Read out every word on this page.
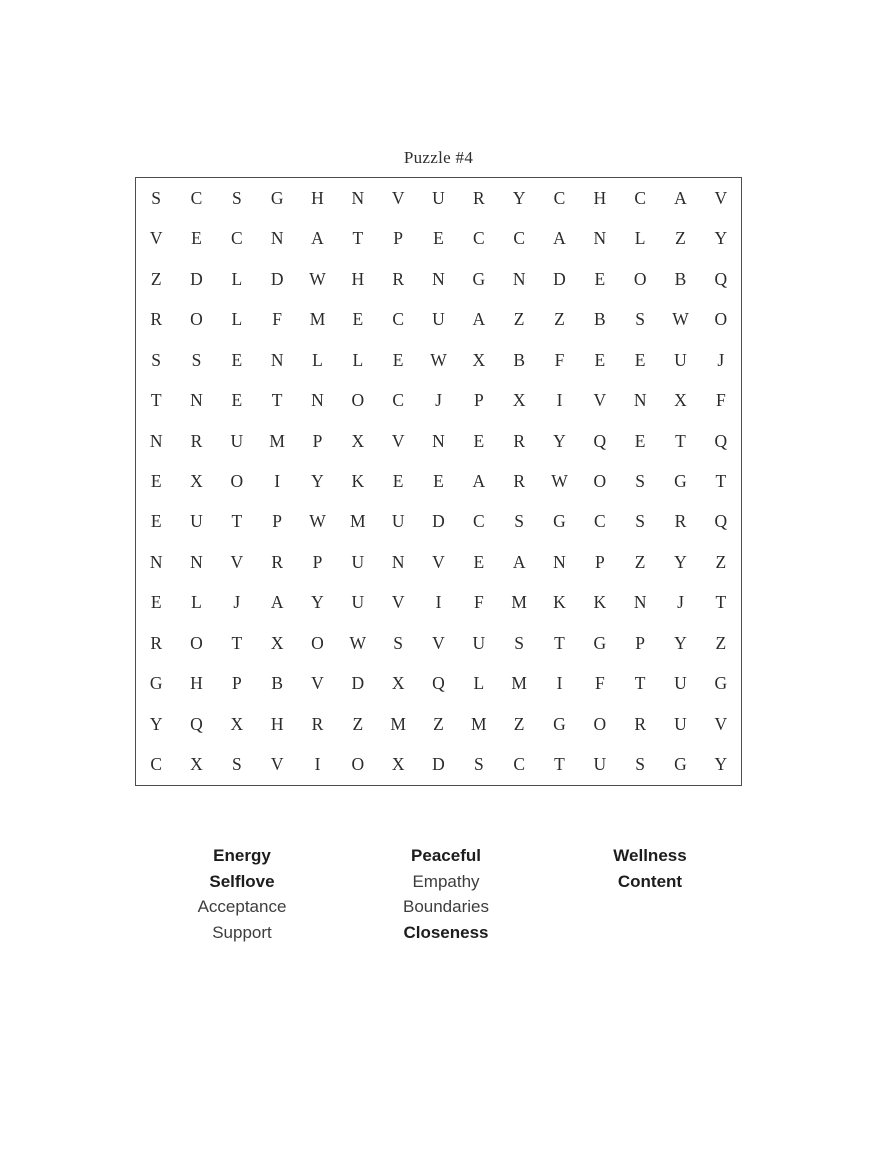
Puzzle #4
S	C	S	G	H	N	V	U	R	Y	C	H	C	A	V
V	E	C	N	A	T	P	E	C	C	A	N	L	Z	Y
Z	D	L	D	W	H	R	N	G	N	D	E	O	B	Q
R	O	L	F	M	E	C	U	A	Z	Z	B	S	W	O
S	S	E	N	L	L	E	W	X	B	F	E	E	U	J
T	N	E	T	N	O	C	J	P	X	I	V	N	X	F
N	R	U	M	P	X	V	N	E	R	Y	Q	E	T	Q
E	X	O	I	Y	K	E	E	A	R	W	O	S	G	T
E	U	T	P	W	M	U	D	C	S	G	C	S	R	Q
N	N	V	R	P	U	N	V	E	A	N	P	Z	Y	Z
E	L	J	A	Y	U	V	I	F	M	K	K	N	J	T
R	O	T	X	O	W	S	V	U	S	T	G	P	Y	Z
G	H	P	B	V	D	X	Q	L	M	I	F	T	U	G
Y	Q	X	H	R	Z	M	Z	M	Z	G	O	R	U	V
C	X	S	V	I	O	X	D	S	C	T	U	S	G	Y
Energy
Selflove
Acceptance
Support
Peaceful
Empathy
Boundaries
Closeness
Wellness
Content
